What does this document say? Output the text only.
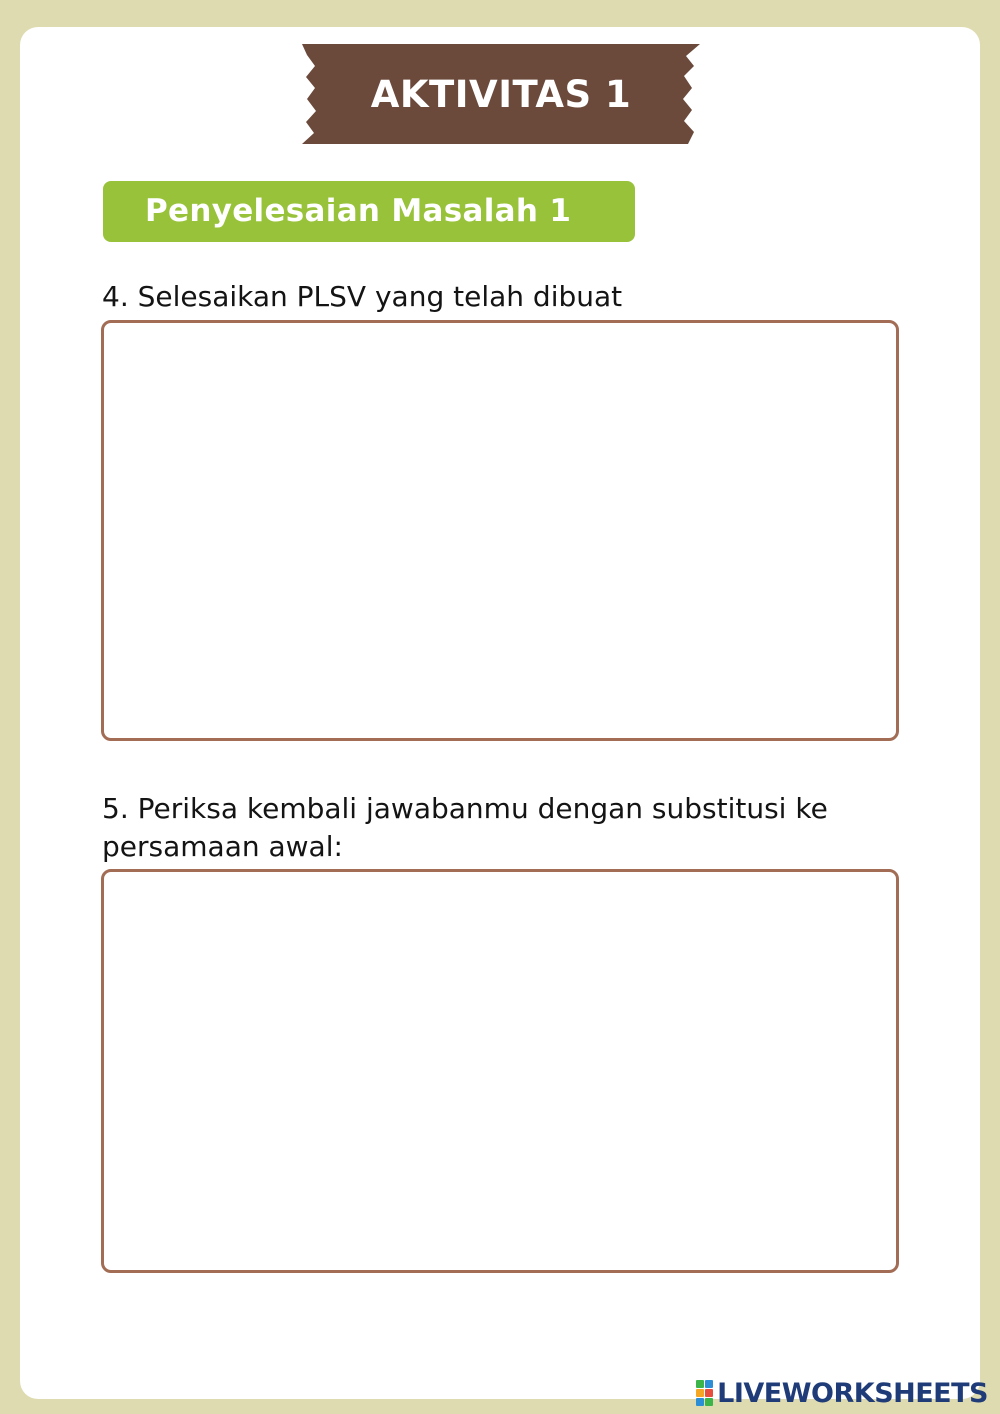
AKTIVITAS 1
Penyelesaian Masalah 1
4. Selesaikan PLSV yang telah dibuat
5. Periksa kembali jawabanmu dengan substitusi ke persamaan awal:
LIVEWORKSHEETS
